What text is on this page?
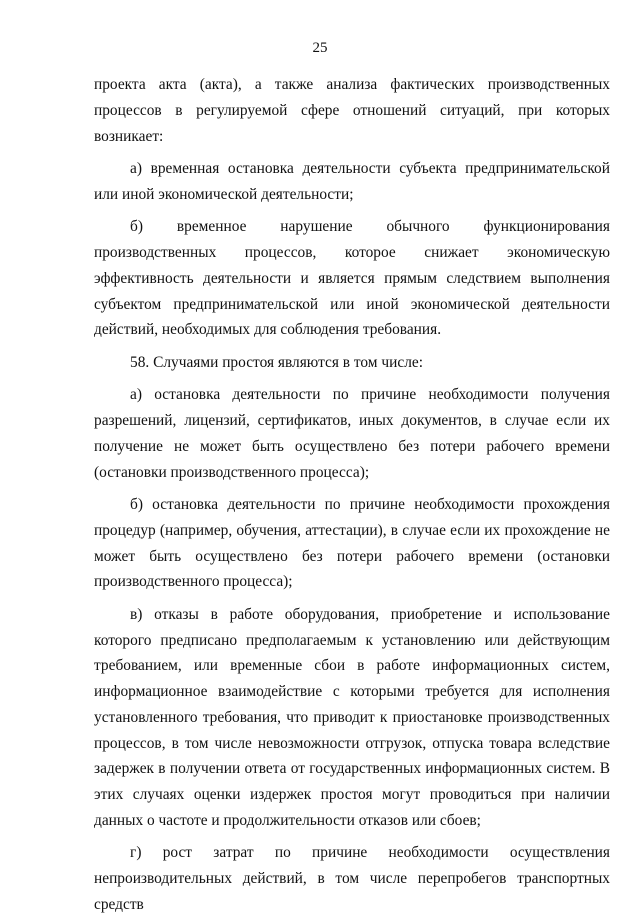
25

проекта акта (акта), а также анализа фактических производственных процессов в регулируемой сфере отношений ситуаций, при которых возникает:

а) временная остановка деятельности субъекта предпринимательской или иной экономической деятельности;

б) временное нарушение обычного функционирования производственных процессов, которое снижает экономическую эффективность деятельности и является прямым следствием выполнения субъектом предпринимательской или иной экономической деятельности действий, необходимых для соблюдения требования.

58. Случаями простоя являются в том числе:

а) остановка деятельности по причине необходимости получения разрешений, лицензий, сертификатов, иных документов, в случае если их получение не может быть осуществлено без потери рабочего времени (остановки производственного процесса);

б) остановка деятельности по причине необходимости прохождения процедур (например, обучения, аттестации), в случае если их прохождение не может быть осуществлено без потери рабочего времени (остановки производственного процесса);

в) отказы в работе оборудования, приобретение и использование которого предписано предполагаемым к установлению или действующим требованием, или временные сбои в работе информационных систем, информационное взаимодействие с которыми требуется для исполнения установленного требования, что приводит к приостановке производственных процессов, в том числе невозможности отгрузок, отпуска товара вследствие задержек в получении ответа от государственных информационных систем. В этих случаях оценки издержек простоя могут проводиться при наличии данных о частоте и продолжительности отказов или сбоев;

г) рост затрат по причине необходимости осуществления непроизводительных действий, в том числе перепробегов транспортных средств
